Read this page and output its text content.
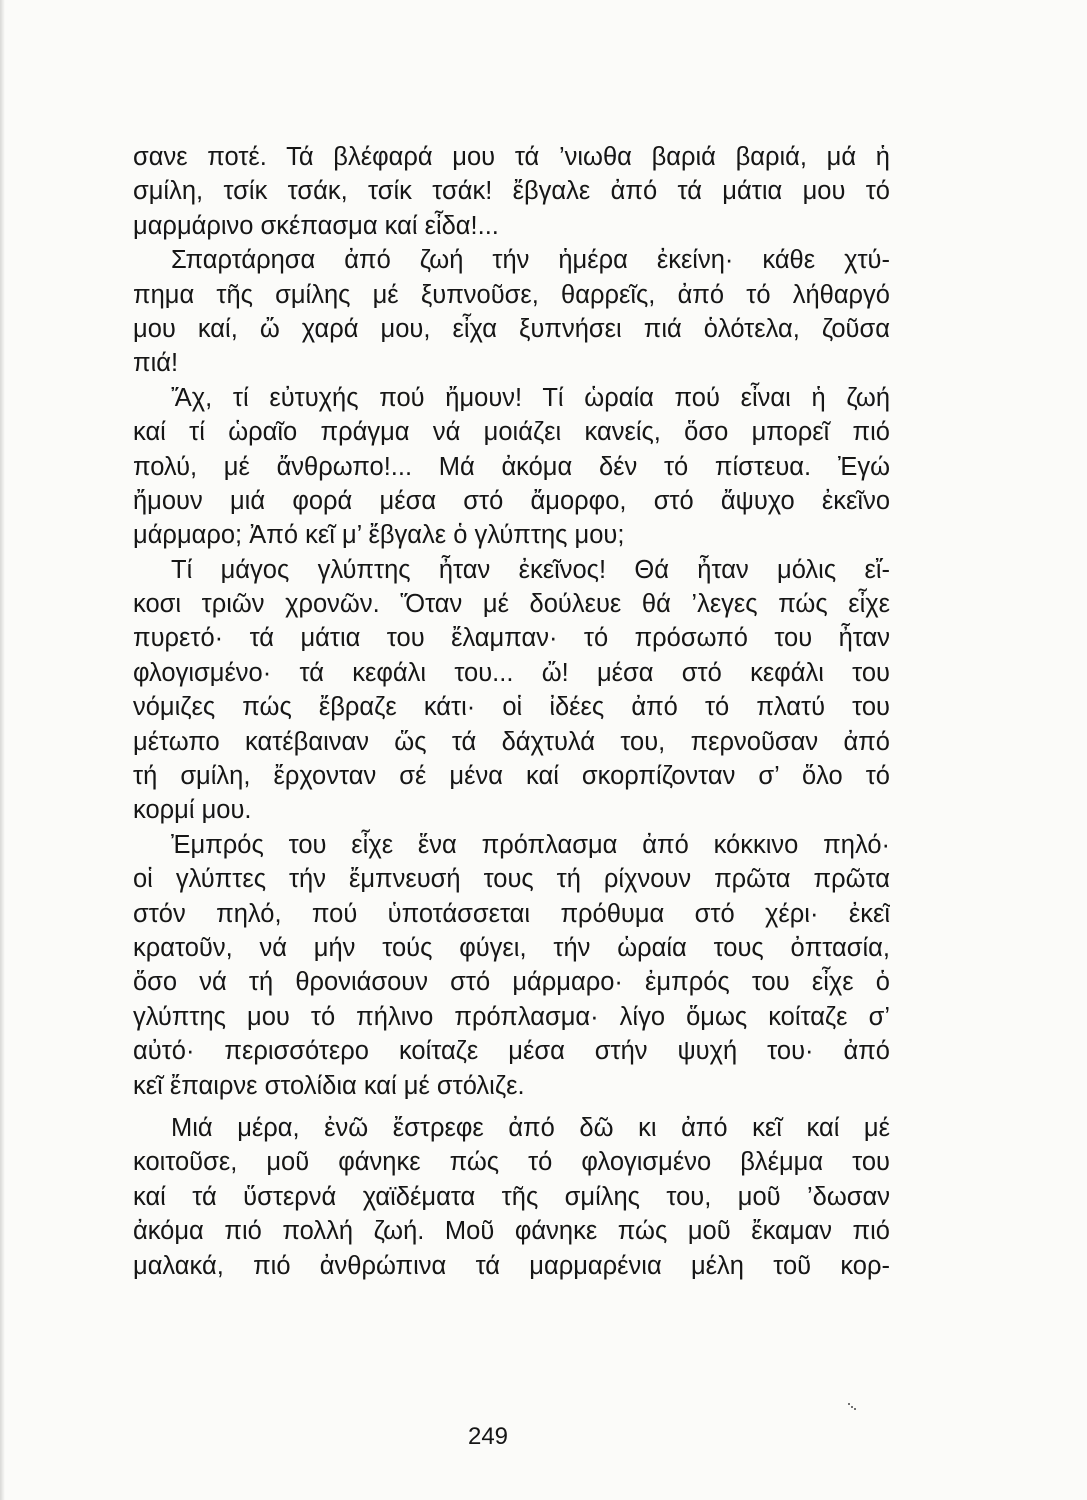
σανε ποτέ. Τά βλέφαρά μου τά ’νιωθα βαριά βαριά, μά ἡ
σμίλη, τσίκ τσάκ, τσίκ τσάκ! ἔβγαλε ἀπό τά μάτια μου τό
μαρμάρινο σκέπασμα καί εἶδα!...
Σπαρτάρησα ἀπό ζωή τήν ἡμέρα ἐκείνη· κάθε χτύ-
πημα τῆς σμίλης μέ ξυπνοῦσε, θαρρεῖς, ἀπό τό λήθαργό
μου καί, ὤ χαρά μου, εἶχα ξυπνήσει πιά ὁλότελα, ζοῦσα
πιά!
Ἄχ, τί εὐτυχής πού ἤμουν! Τί ὡραία πού εἶναι ἡ ζωή
καί τί ὡραῖο πράγμα νά μοιάζει κανείς, ὅσο μπορεῖ πιό
πολύ, μέ ἄνθρωπο!... Μά ἀκόμα δέν τό πίστευα. Ἐγώ
ἤμουν μιά φορά μέσα στό ἄμορφο, στό ἄψυχο ἐκεῖνο
μάρμαρο; Ἀπό κεῖ μ’ ἔβγαλε ὁ γλύπτης μου;
Τί μάγος γλύπτης ἦταν ἐκεῖνος! Θά ἦταν μόλις εἴ-
κοσι τριῶν χρονῶν. Ὅταν μέ δούλευε θά ’λεγες πώς εἶχε
πυρετό· τά μάτια του ἔλαμπαν· τό πρόσωπό του ἦταν
φλογισμένο· τά κεφάλι του... ὤ! μέσα στό κεφάλι του
νόμιζες πώς ἔβραζε κάτι· οἱ ἰδέες ἀπό τό πλατύ του
μέτωπο κατέβαιναν ὥς τά δάχτυλά του, περνοῦσαν ἀπό
τή σμίλη, ἔρχονταν σέ μένα καί σκορπίζονταν σ’ ὅλο τό
κορμί μου.
Ἐμπρός του εἶχε ἕνα πρόπλασμα ἀπό κόκκινο πηλό·
οἱ γλύπτες τήν ἔμπνευσή τους τή ρίχνουν πρῶτα πρῶτα
στόν πηλό, πού ὑποτάσσεται πρόθυμα στό χέρι· ἐκεῖ
κρατοῦν, νά μήν τούς φύγει, τήν ὡραία τους ὀπτασία,
ὅσο νά τή θρονιάσουν στό μάρμαρο· ἐμπρός του εἶχε ὁ
γλύπτης μου τό πήλινο πρόπλασμα· λίγο ὅμως κοίταζε σ’
αὐτό· περισσότερο κοίταζε μέσα στήν ψυχή του· ἀπό
κεῖ ἔπαιρνε στολίδια καί μέ στόλιζε.
Μιά μέρα, ἐνῶ ἔστρεφε ἀπό δῶ κι ἀπό κεῖ καί μέ
κοιτοῦσε, μοῦ φάνηκε πώς τό φλογισμένο βλέμμα του
καί τά ὕστερνά χαϊδέματα τῆς σμίλης του, μοῦ ’δωσαν
ἀκόμα πιό πολλή ζωή. Μοῦ φάνηκε πώς μοῦ ἔκαμαν πιό
μαλακά, πιό ἀνθρώπινα τά μαρμαρένια μέλη τοῦ κορ-
249
